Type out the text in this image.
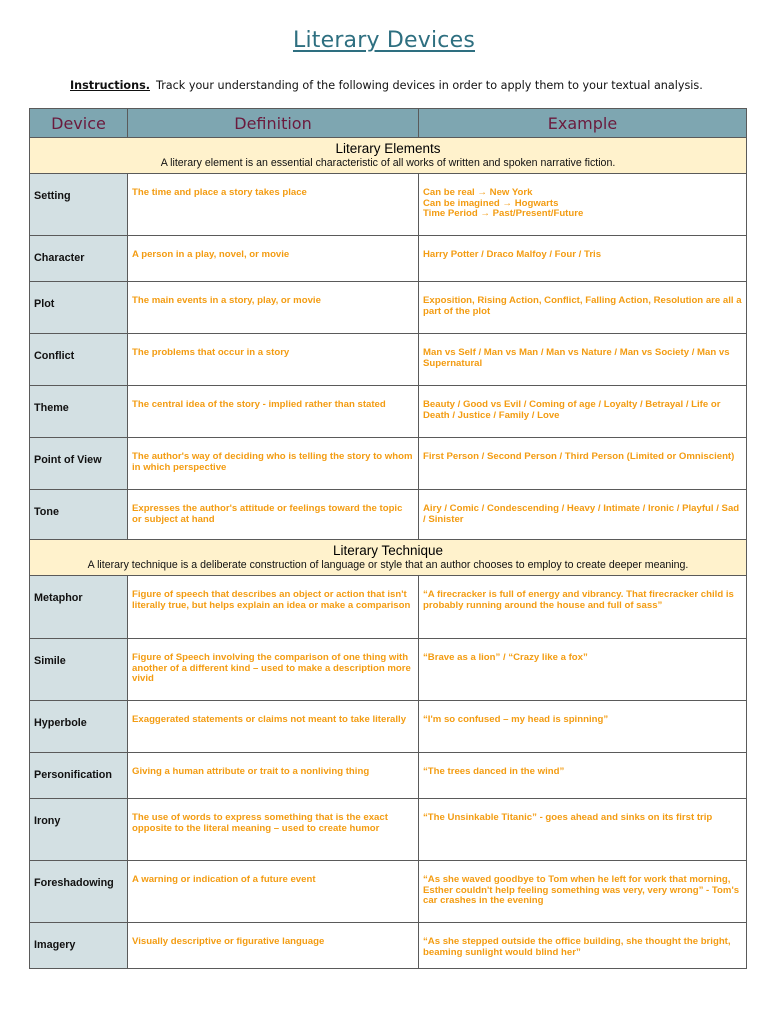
Literary Devices
Instructions. Track your understanding of the following devices in order to apply them to your textual analysis.
Device	Definition	Example

Literary Elements
A literary element is an essential characteristic of all works of written and spoken narrative fiction.		

Setting	The time and place a story takes place	Can be real → New York
Can be imagined → Hogwarts
Time Period → Past/Present/Future

Character	A person in a play, novel, or movie	Harry Potter / Draco Malfoy / Four / Tris

Plot	The main events in a story, play, or movie	Exposition, Rising Action, Conflict, Falling Action, Resolution are all a part of the plot

Conflict	The problems that occur in a story	Man vs Self / Man vs Man / Man vs Nature / Man vs Society / Man vs Supernatural

Theme	The central idea of the story - implied rather than stated	Beauty / Good vs Evil / Coming of age / Loyalty / Betrayal / Life or Death / Justice / Family / Love

Point of View	The author's way of deciding who is telling the story to whom in which perspective	First Person / Second Person / Third Person (Limited or Omniscient)

Tone	Expresses the author's attitude or feelings toward the topic or subject at hand	Airy / Comic / Condescending / Heavy / Intimate / Ironic / Playful / Sad / Sinister

Literary Technique
A literary technique is a deliberate construction of language or style that an author chooses to employ to create deeper meaning.		

Metaphor	Figure of speech that describes an object or action that isn't literally true, but helps explain an idea or make a comparison	“A firecracker is full of energy and vibrancy. That firecracker child is probably running around the house and full of sass”

Simile	Figure of Speech involving the comparison of one thing with another of a different kind – used to make a description more vivid	“Brave as a lion” / “Crazy like a fox”

Hyperbole	Exaggerated statements or claims not meant to take literally	“I'm so confused – my head is spinning”

Personification	Giving a human attribute or trait to a nonliving thing	“The trees danced in the wind”

Irony	The use of words to express something that is the exact opposite to the literal meaning – used to create humor	“The Unsinkable Titanic” - goes ahead and sinks on its first trip

Foreshadowing	A warning or indication of a future event	“As she waved goodbye to Tom when he left for work that morning, Esther couldn't help feeling something was very, very wrong” - Tom's car crashes in the evening

Imagery	Visually descriptive or figurative language	“As she stepped outside the office building, she thought the bright, beaming sunlight would blind her”
